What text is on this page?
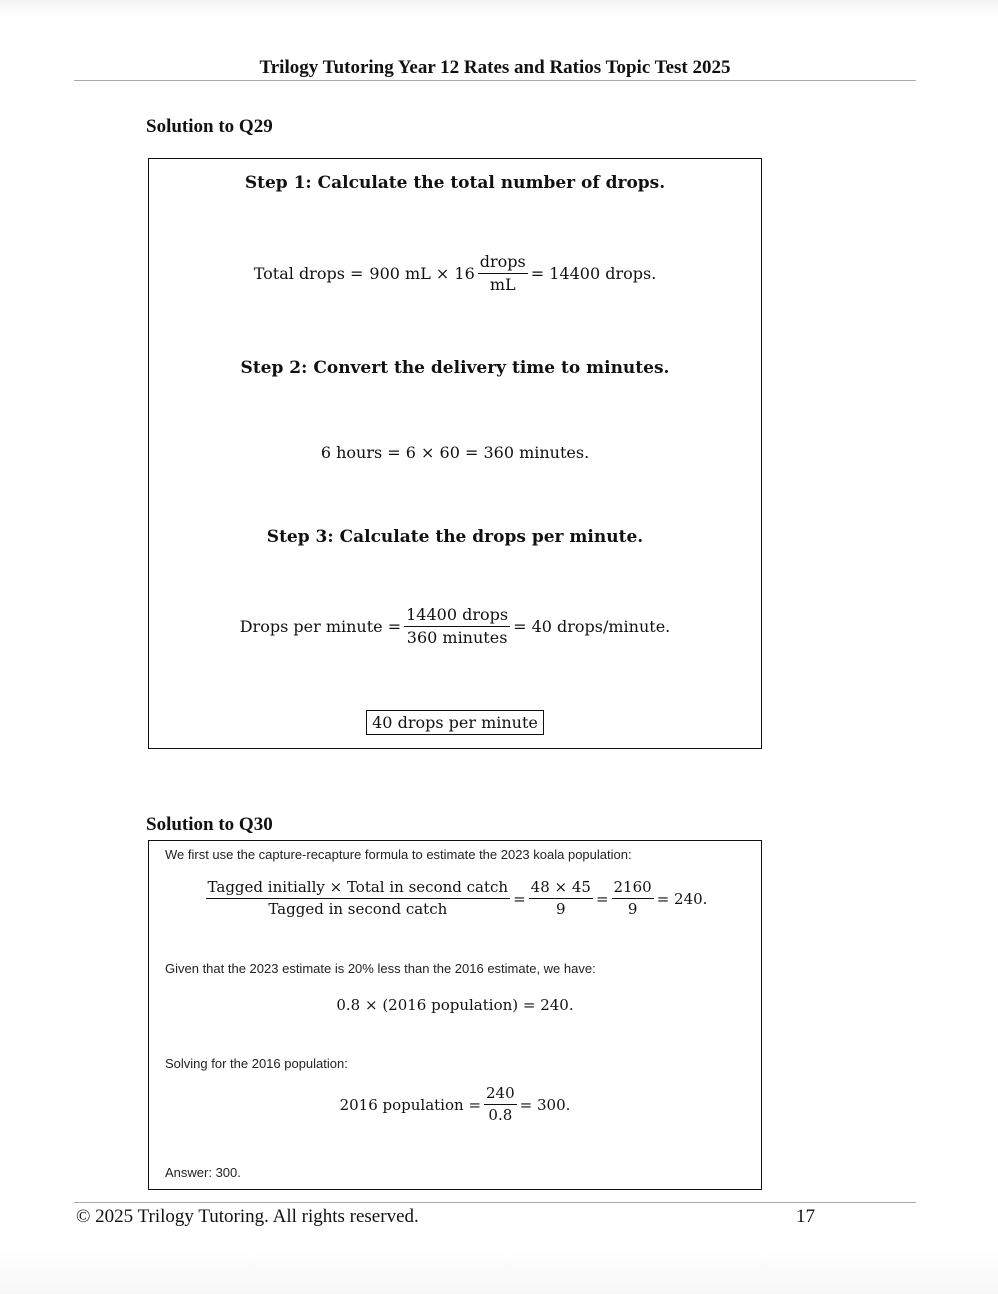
Trilogy Tutoring Year 12 Rates and Ratios Topic Test 2025
Solution to Q29
Step 1: Calculate the total number of drops.
Total drops = 900 mL × $16 \frac{\text{drops}}{mL} = 14400$ drops.
Step 2: Convert the delivery time to minutes.
6 hours = 6 × 60 = 360 minutes.
Step 3: Calculate the drops per minute.
Drops per minute = $\frac{\text{14400 drops}}{\text{360 minutes}} = 40$ drops/minute.
40 drops per minute
Solution to Q30
We first use the capture-recapture formula to estimate the 2023 koala population:
$\frac{\text{Tagged initially × Total in second catch}}{\text{Tagged in second catch}} = \frac{48 \times 45}{9} = \frac{2160}{9} = 240$.
Given that the 2023 estimate is 20% less than the 2016 estimate, we have:
0.8 × (2016 population) = 240.
Solving for the 2016 population:
2016 population = $\frac{240}{0.8} = 300$.
Answer: 300.
© 2025 Trilogy Tutoring. All rights reserved.	17
